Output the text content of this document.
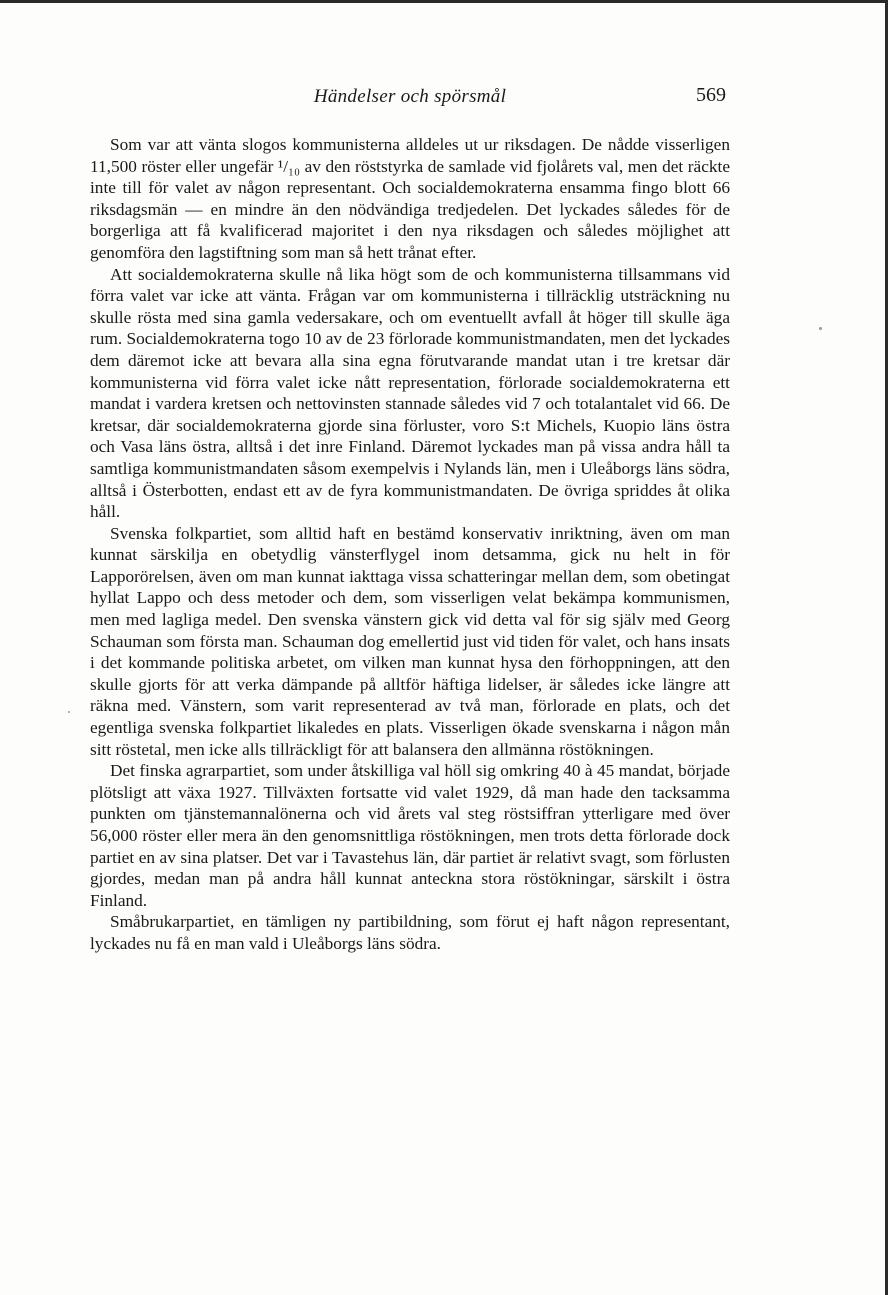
Händelser och spörsmål	569

Som var att vänta slogos kommunisterna alldeles ut ur riksdagen. De nådde visserligen 11,500 röster eller ungefär ¹/₁₀ av den röststyrka de samlade vid fjolårets val, men det räckte inte till för valet av någon representant. Och socialdemokraterna ensamma fingo blott 66 riksdagsmän — en mindre än den nödvändiga tredjedelen. Det lyckades således för de borgerliga att få kvalificerad majoritet i den nya riksdagen och således möjlighet att genomföra den lagstiftning som man så hett trånat efter.

Att socialdemokraterna skulle nå lika högt som de och kommunisterna tillsammans vid förra valet var icke att vänta. Frågan var om kommunisterna i tillräcklig utsträckning nu skulle rösta med sina gamla vedersakare, och om eventuellt avfall åt höger till skulle äga rum. Socialdemokraterna togo 10 av de 23 förlorade kommunistmandaten, men det lyckades dem däremot icke att bevara alla sina egna förutvarande mandat utan i tre kretsar där kommunisterna vid förra valet icke nått representation, förlorade socialdemokraterna ett mandat i vardera kretsen och nettovinsten stannade således vid 7 och totalantalet vid 66. De kretsar, där socialdemokraterna gjorde sina förluster, voro S:t Michels, Kuopio läns östra och Vasa läns östra, alltså i det inre Finland. Däremot lyckades man på vissa andra håll ta samtliga kommunistmandaten såsom exempelvis i Nylands län, men i Uleåborgs läns södra, alltså i Österbotten, endast ett av de fyra kommunistmandaten. De övriga spriddes åt olika håll.

Svenska folkpartiet, som alltid haft en bestämd konservativ inriktning, även om man kunnat särskilja en obetydlig vänsterflygel inom detsamma, gick nu helt in för Lapporörelsen, även om man kunnat iakttaga vissa schatteringar mellan dem, som obetingat hyllat Lappo och dess metoder och dem, som visserligen velat bekämpa kommunismen, men med lagliga medel. Den svenska vänstern gick vid detta val för sig själv med Georg Schauman som första man. Schauman dog emellertid just vid tiden för valet, och hans insats i det kommande politiska arbetet, om vilken man kunnat hysa den förhoppningen, att den skulle gjorts för att verka dämpande på alltför häftiga lidelser, är således icke längre att räkna med. Vänstern, som varit representerad av två man, förlorade en plats, och det egentliga svenska folkpartiet likaledes en plats. Visserligen ökade svenskarna i någon mån sitt röstetal, men icke alls tillräckligt för att balansera den allmänna röstökningen.

Det finska agrarpartiet, som under åtskilliga val höll sig omkring 40 à 45 mandat, började plötsligt att växa 1927. Tillväxten fortsatte vid valet 1929, då man hade den tacksamma punkten om tjänstemannalönerna och vid årets val steg röstsiffran ytterligare med över 56,000 röster eller mera än den genomsnittliga röstökningen, men trots detta förlorade dock partiet en av sina platser. Det var i Tavastehus län, där partiet är relativt svagt, som förlusten gjordes, medan man på andra håll kunnat anteckna stora röstökningar, särskilt i östra Finland.

Småbrukarpartiet, en tämligen ny partibildning, som förut ej haft någon representant, lyckades nu få en man vald i Uleåborgs läns södra.
